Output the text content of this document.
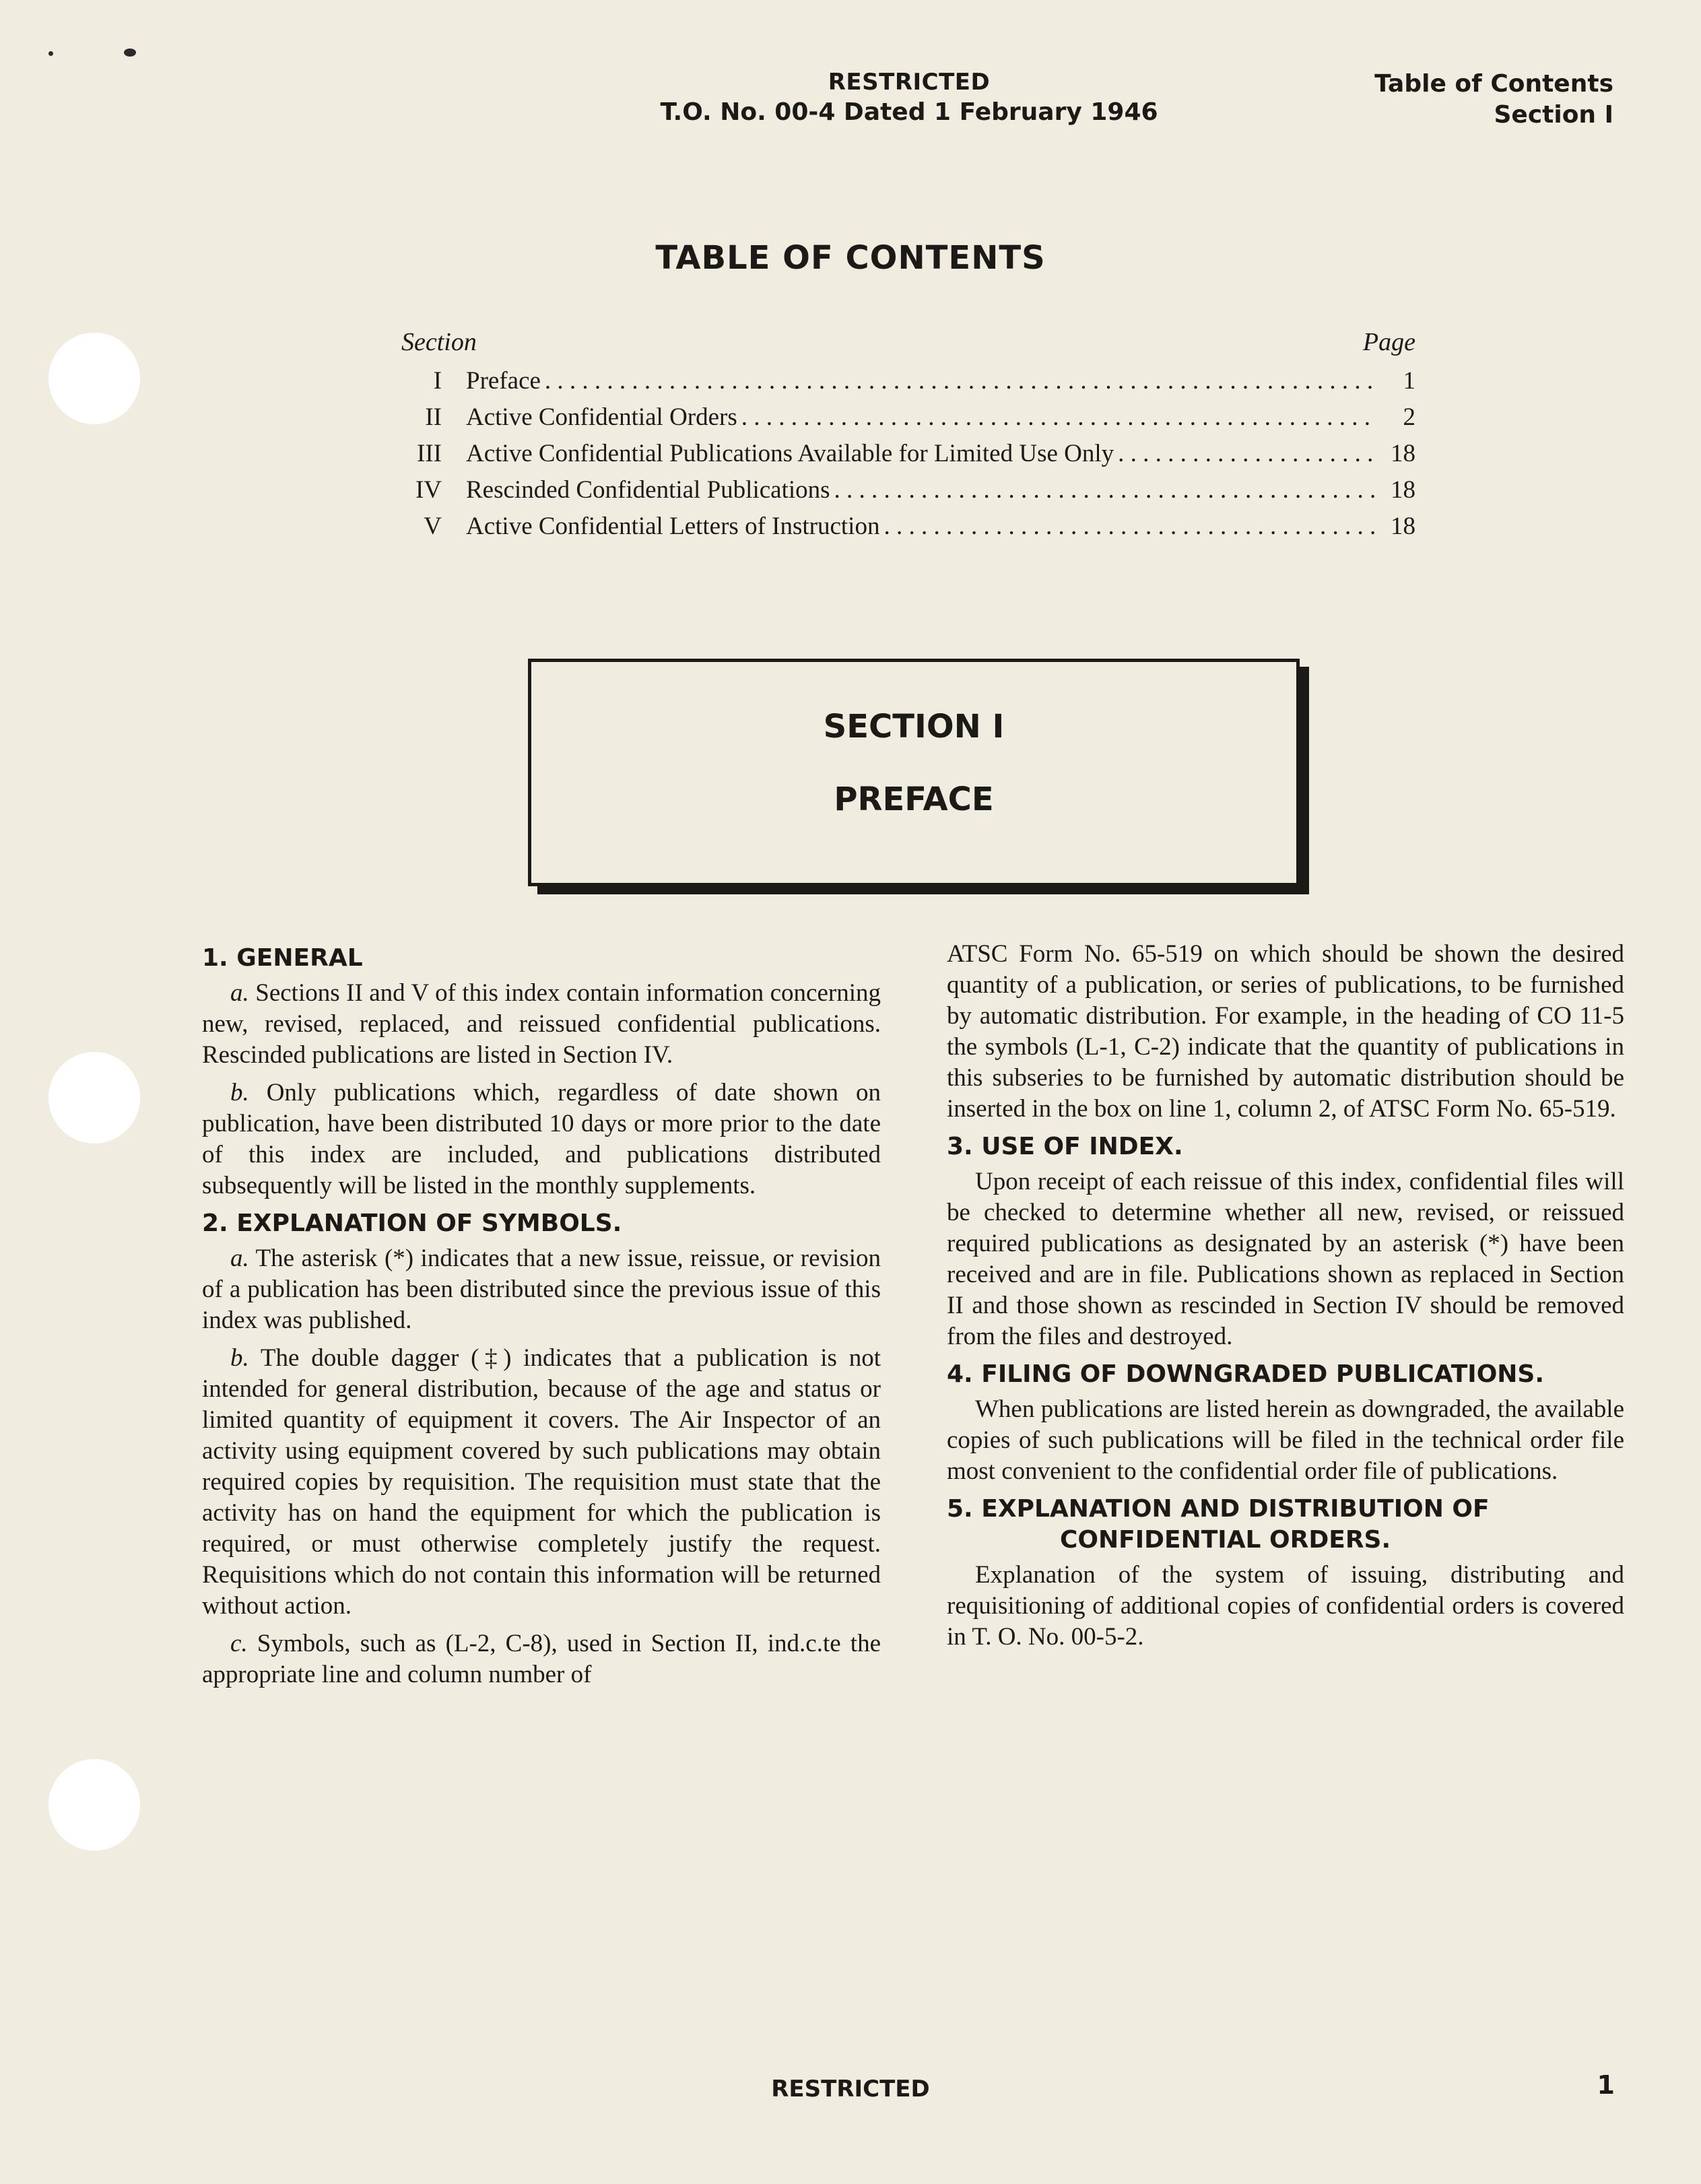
RESTRICTED
T.O. No. 00-4 Dated 1 February 1946
Table of Contents
Section I
TABLE OF CONTENTS
Section	Page
I Preface . . .	1
II Active Confidential Orders . . .	2
III Active Confidential Publications Available for Limited Use Only . . .	18
IV Rescinded Confidential Publications . . .	18
V Active Confidential Letters of Instruction . . .	18
SECTION I
PREFACE
1. GENERAL

a. Sections II and V of this index contain information concerning new, revised, replaced, and reissued confidential publications. Rescinded publications are listed in Section IV.

b. Only publications which, regardless of date shown on publication, have been distributed 10 days or more prior to the date of this index are included, and publications distributed subsequently will be listed in the monthly supplements.

2. EXPLANATION OF SYMBOLS.

a. The asterisk (*) indicates that a new issue, reissue, or revision of a publication has been distributed since the previous issue of this index was published.

b. The double dagger (‡) indicates that a publication is not intended for general distribution, because of the age and status or limited quantity of equipment it covers. The Air Inspector of an activity using equipment covered by such publications may obtain required copies by requisition. The requisition must state that the activity has on hand the equipment for which the publication is required, or must otherwise completely justify the request. Requisitions which do not contain this information will be returned without action.

c. Symbols, such as (L-2, C-8), used in Section II, ind.c.te the appropriate line and column number of

ATSC Form No. 65-519 on which should be shown the desired quantity of a publication, or series of publications, to be furnished by automatic distribution. For example, in the heading of CO 11-5 the symbols (L-1, C-2) indicate that the quantity of publications in this subseries to be furnished by automatic distribution should be inserted in the box on line 1, column 2, of ATSC Form No. 65-519.

3. USE OF INDEX.

Upon receipt of each reissue of this index, confidential files will be checked to determine whether all new, revised, or reissued required publications as designated by an asterisk (*) have been received and are in file. Publications shown as replaced in Section II and those shown as rescinded in Section IV should be removed from the files and destroyed.

4. FILING OF DOWNGRADED PUBLICATIONS.

When publications are listed herein as downgraded, the available copies of such publications will be filed in the technical order file most convenient to the confidential order file of publications.

5. EXPLANATION AND DISTRIBUTION OF
CONFIDENTIAL ORDERS.

Explanation of the system of issuing, distributing and requisitioning of additional copies of confidential orders is covered in T. O. No. 00-5-2.

RESTRICTED	1
